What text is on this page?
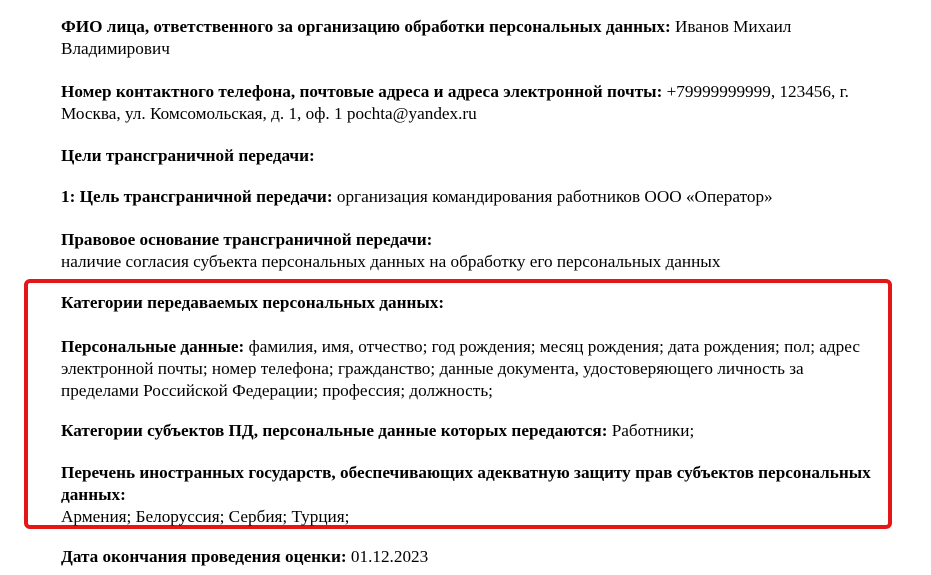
ФИО лица, ответственного за организацию обработки персональных данных: Иванов Михаил Владимирович

Номер контактного телефона, почтовые адреса и адреса электронной почты: +79999999999, 123456, г. Москва, ул. Комсомольская, д. 1, оф. 1 pochta@yandex.ru

Цели трансграничной передачи:

1: Цель трансграничной передачи: организация командирования работников ООО «Оператор»

Правовое основание трансграничной передачи:
наличие согласия субъекта персональных данных на обработку его персональных данных

Категории передаваемых персональных данных:

Персональные данные: фамилия, имя, отчество; год рождения; месяц рождения; дата рождения; пол; адрес электронной почты; номер телефона; гражданство; данные документа, удостоверяющего личность за пределами Российской Федерации; профессия; должность;

Категории субъектов ПД, персональные данные которых передаются: Работники;

Перечень иностранных государств, обеспечивающих адекватную защиту прав субъектов персональных данных:
Армения; Белоруссия; Сербия; Турция;

Дата окончания проведения оценки: 01.12.2023
